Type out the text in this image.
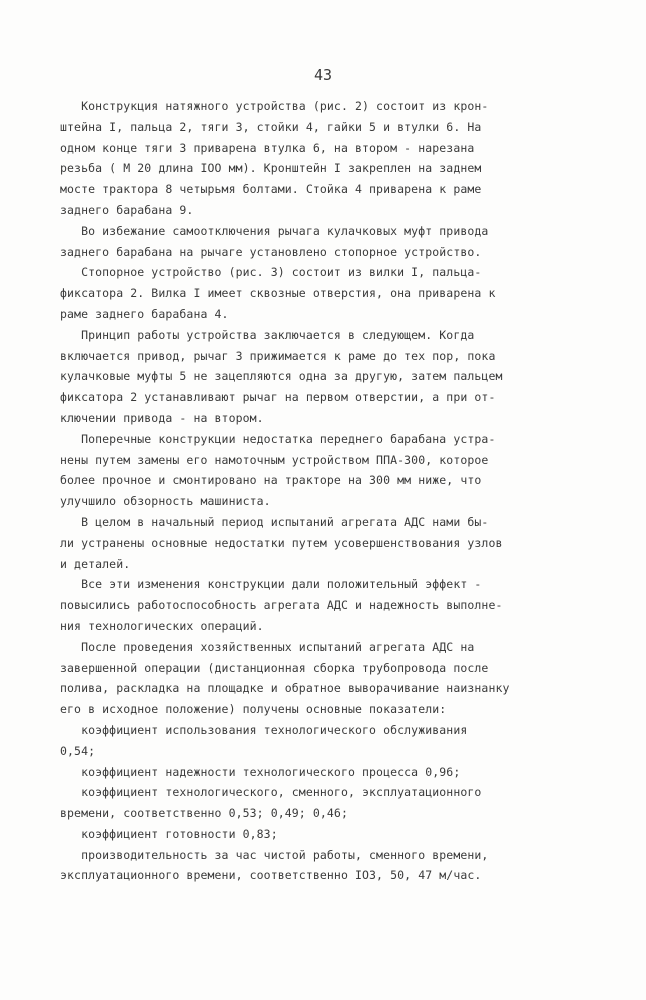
43
Конструкция натяжного устройства (рис. 2) состоит из крон-
штейна I, пальца 2, тяги 3, стойки 4, гайки 5 и втулки 6. На
одном конце тяги 3 приварена втулка 6, на втором - нарезана
резьба ( М 20 длина IOO мм). Кронштейн I закреплен на заднем
мосте трактора 8 четырьмя болтами. Стойка 4 приварена к раме
заднего барабана 9.
Во избежание самоотключения рычага кулачковых муфт привода
заднего барабана на рычаге установлено стопорное устройство.
Стопорное устройство (рис. 3) состоит из вилки I, пальца-
фиксатора 2. Вилка I имеет сквозные отверстия, она приварена к
раме заднего барабана 4.
Принцип работы устройства заключается в следующем. Когда
включается привод, рычаг 3 прижимается к раме до тех пор, пока
кулачковые муфты 5 не зацепляются одна за другую, затем пальцем
фиксатора 2 устанавливают рычаг на первом отверстии, а при от-
ключении привода - на втором.
Поперечные конструкции недостатка переднего барабана устра-
нены путем замены его намоточным устройством ППА-300, которое
более прочное и смонтировано на тракторе на 300 мм ниже, что
улучшило обзорность машиниста.
В целом в начальный период испытаний агрегата АДС нами бы-
ли устранены основные недостатки путем усовершенствования узлов
и деталей.
Все эти изменения конструкции дали положительный эффект -
повысились работоспособность агрегата АДС и надежность выполне-
ния технологических операций.
После проведения хозяйственных испытаний агрегата АДС на
завершенной операции (дистанционная сборка трубопровода после
полива, раскладка на площадке и обратное выворачивание наизнанку
его в исходное положение) получены основные показатели:
коэффициент использования технологического обслуживания
0,54;
коэффициент надежности технологического процесса 0,96;
коэффициент технологического, сменного, эксплуатационного
времени, соответственно 0,53; 0,49; 0,46;
коэффициент готовности 0,83;
производительность за час чистой работы, сменного времени,
эксплуатационного времени, соответственно IO3, 50, 47 м/час.
